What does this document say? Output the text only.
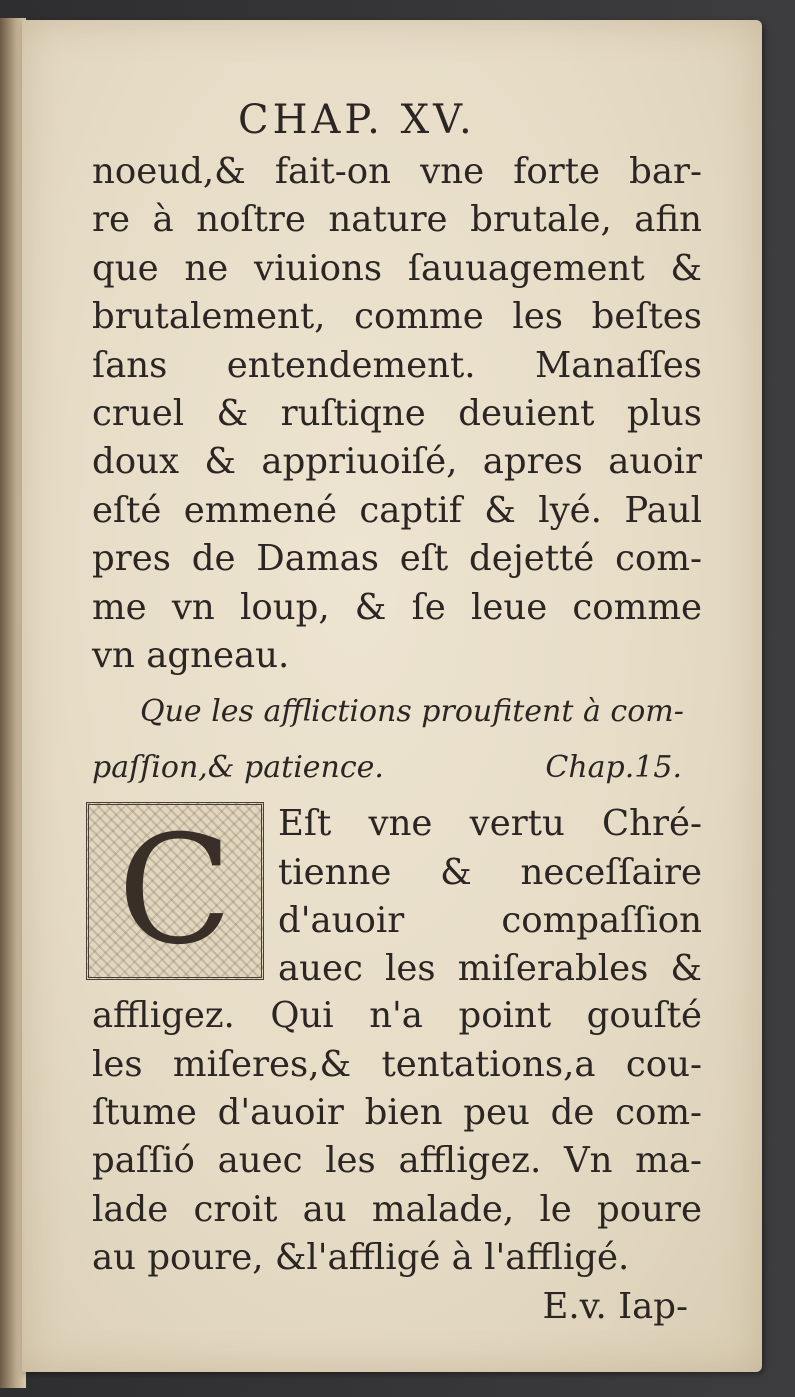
CHAP. XV.
noeud,& fait-on vne forte bar-
re à noſtre nature brutale, afin
que ne viuions ſauuagement &
brutalement, comme les beſtes
ſans entendement. Manaſſes
cruel & ruſtiqne deuient plus
doux & appriuoiſé, apres auoir
eſté emmené captif & lyé. Paul
pres de Damas eſt dejetté com-
me vn loup, & ſe leue comme
vn agneau.
Que les afflictions proufitent à com-
paſſion,& patience.	Chap.15.
C Eſt vne vertu Chré-
tienne & neceſſaire
d'auoir compaſſion
auec les miſerables &
affligez. Qui n'a point gouſté
les miſeres,& tentations,a cou-
ſtume d'auoir bien peu de com-
paſſió auec les affligez. Vn ma-
lade croit au malade, le poure
au poure, &l'affligé à l'affligé.
E.v. Iap-
